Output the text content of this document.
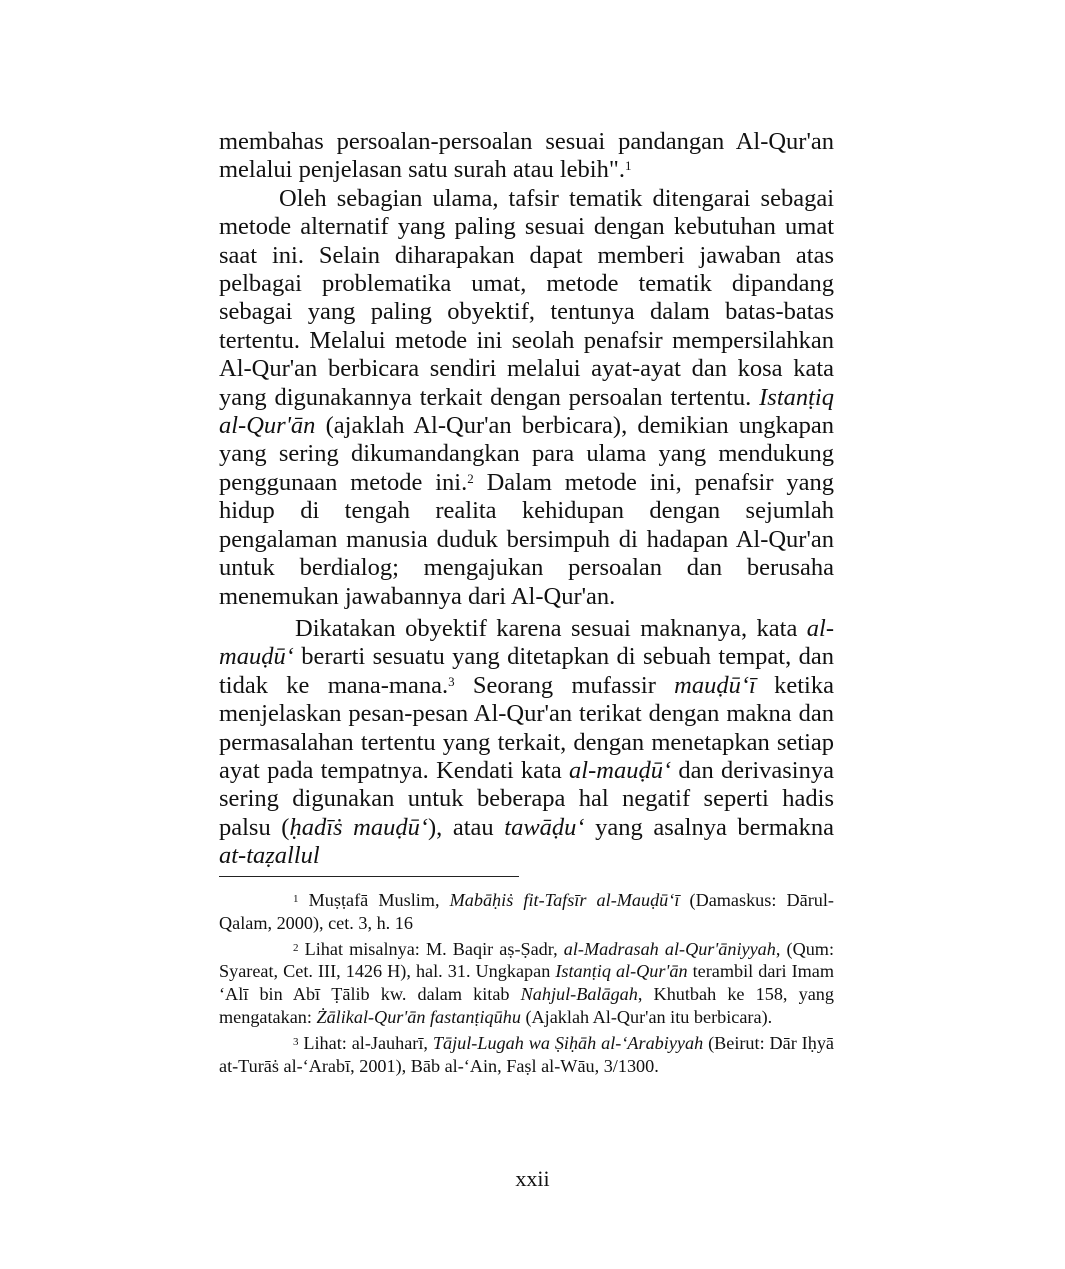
membahas persoalan-persoalan sesuai pandangan Al-Qur'an melalui penjelasan satu surah atau lebih".$^1$

Oleh sebagian ulama, tafsir tematik ditengarai sebagai metode alternatif yang paling sesuai dengan kebutuhan umat saat ini. Selain diharapakan dapat memberi jawaban atas pelbagai problematika umat, metode tematik dipandang sebagai yang paling obyektif, tentunya dalam batas-batas tertentu. Melalui metode ini seolah penafsir mempersilahkan Al-Qur'an berbicara sendiri melalui ayat-ayat dan kosa kata yang digunakannya terkait dengan persoalan tertentu. Istanṭiq al-Qur'ān (ajaklah Al-Qur'an berbicara), demikian ungkapan yang sering dikumandangkan para ulama yang mendukung penggunaan metode ini.$^2$ Dalam metode ini, penafsir yang hidup di tengah realita kehidupan dengan sejumlah pengalaman manusia duduk bersimpuh di hadapan Al-Qur'an untuk berdialog; mengajukan persoalan dan berusaha menemukan jawabannya dari Al-Qur'an.

Dikatakan obyektif karena sesuai maknanya, kata al-mauḍū‘ berarti sesuatu yang ditetapkan di sebuah tempat, dan tidak ke mana-mana.$^3$ Seorang mufassir mauḍū‘ī ketika menjelaskan pesan-pesan Al-Qur'an terikat dengan makna dan permasalahan tertentu yang terkait, dengan menetapkan setiap ayat pada tempatnya. Kendati kata al-mauḍū‘ dan derivasinya sering digunakan untuk beberapa hal negatif seperti hadis palsu (ḥadīṡ mauḍū‘), atau tawāḍu‘ yang asalnya bermakna at-taẓallul

$^1$ Muṣṭafā Muslim, Mabāḥiṡ fit-Tafsīr al-Mauḍū‘ī (Damaskus: Dārul-Qalam, 2000), cet. 3, h. 16

$^2$ Lihat misalnya: M. Baqir aṣ-Ṣadr, al-Madrasah al-Qur'āniyyah, (Qum: Syareat, Cet. III, 1426 H), hal. 31. Ungkapan Istanṭiq al-Qur'ān terambil dari Imam ‘Alī bin Abī Ṭālib kw. dalam kitab Nahjul-Balāgah, Khutbah ke 158, yang mengatakan: Żālikal-Qur'ān fastanṭiqūhu (Ajaklah Al-Qur'an itu berbicara).

$^3$ Lihat: al-Jauharī, Tājul-Lugah wa Ṣiḥāh al-‘Arabiyyah (Beirut: Dār Iḥyā at-Turāṡ al-‘Arabī, 2001), Bāb al-‘Ain, Faṣl al-Wāu, 3/1300.

xxii
